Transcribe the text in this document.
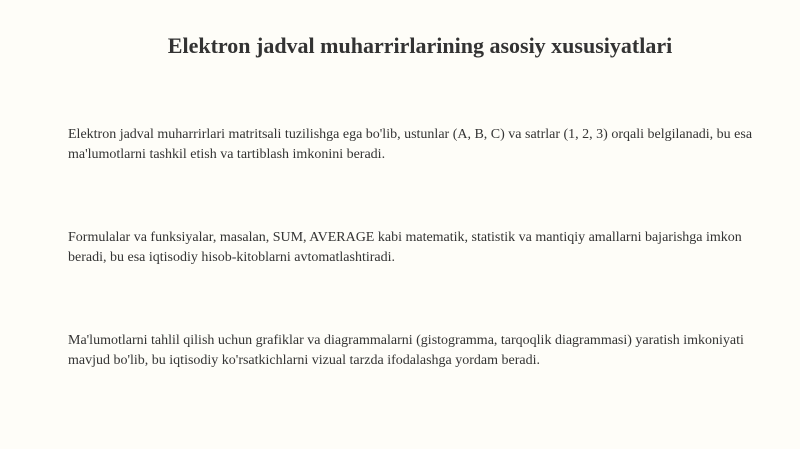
Elektron jadval muharrirlarining asosiy xususiyatlari

Elektron jadval muharrirlari matritsali tuzilishga ega bo'lib, ustunlar (A, B, C) va satrlar (1, 2, 3) orqali belgilanadi, bu esa ma'lumotlarni tashkil etish va tartiblash imkonini beradi.

Formulalar va funksiyalar, masalan, SUM, AVERAGE kabi matematik, statistik va mantiqiy amallarni bajarishga imkon beradi, bu esa iqtisodiy hisob-kitoblarni avtomatlashtiradi.

Ma'lumotlarni tahlil qilish uchun grafiklar va diagrammalarni (gistogramma, tarqoqlik diagrammasi) yaratish imkoniyati mavjud bo'lib, bu iqtisodiy ko'rsatkichlarni vizual tarzda ifodalashga yordam beradi.
